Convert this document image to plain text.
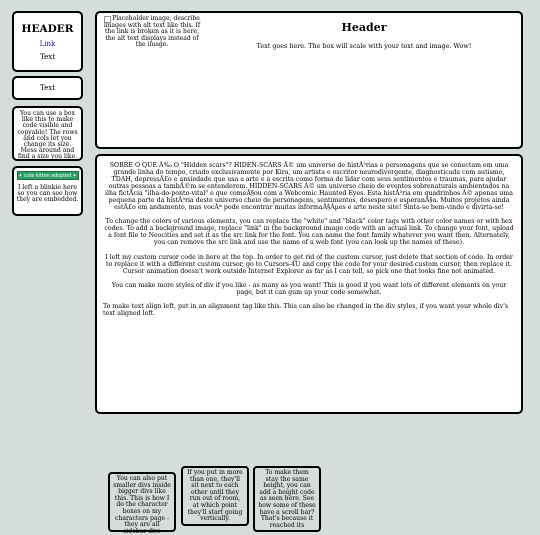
HEADER
Link
Text
Text
You can use a box like this to make code visible and copyable! The rows and cols let you change its size. Mess around and find a size you like.
✦ cute kitten adopted ✦
I left a blinkie here so you can see how they are embedded.
Placeholder image, describe images with alt text like this. If the link is broken as it is here, the alt text displays instead of the image.
Header
Text goes here. The box will scale with your text and image. Wow!

SOBRE O QUE Ã‰ O "Hidden scars"? HIDEN-SCARS Ã© um universo de histÃ³rias e personagens que se conectam em uma grande linha do tempo, criado exclusivamente por Kira, um artista e escritor neurodivergente, diagnosticada com autismo, TDAH, depressÃ£o e ansiedade que usa a arte e a escrita como forma de lidar com seus sentimentos e traumas, para ajudar outras pessoas a tambÃ©m se entenderem. HIDDEN-SCARS Ã© um universo cheio de eventos sobrenaturais ambientados na ilha fictÃcia "ilha-do-ponto-vital" e que comeÃ§ou com a Webcomic Haunted Eyes. Esta histÃ³ria em quadrinhos Ã© apenas uma pequena parte da histÃ³ria deste universo cheio de personagens, sentimentos, desespero e esperanÃ§a. Muitos projetos ainda estÃ£o em andamento, mas vocÃª pode encontrar muitas informaÃ§Ãµes e arte neste site! Sinta-se bem-vindo e divirta-se!

To change the colors of various elements, you can replace the "white" and "black" color tags with other color names or with hex codes. To add a background image, replace "link" in the background image code with an actual link. To change your font, upload a font file to Neocities and set it as the src link for the font. You can name the font family whatever you want then. Alternately, you can remove the src link and use the name of a web font (you can look up the names of these).

I left my custom cursor code in here at the top. In order to get rid of the custom cursor, just delete that section of code. In order to replace it with a different custom cursor, go to Cursors-4U and copy the code for your desired custom cursor, then replace it. Cursor animation doesn't work outside Internet Explorer as far as I can tell, so pick one that looks fine not animated.

You can make more styles of div if you like - as many as you want! This is good if you want lots of different elements on your page, but it can gum up your code somewhat.

To make text align left, put in an alignment tag like this. This can also be changed in the div styles, if you want your whole div's text aligned left.

You can also put smaller divs inside bigger divs like this. This is how I do the character boxes on my characters page - they are all sidebar divs
If you put in more than one, they'll sit next to each other until they run out of room, at which point they'll start going vertically.
To make them stay the same height, you can add a height code as seen here. See how some of these have a scroll bar? That's because it reached its
